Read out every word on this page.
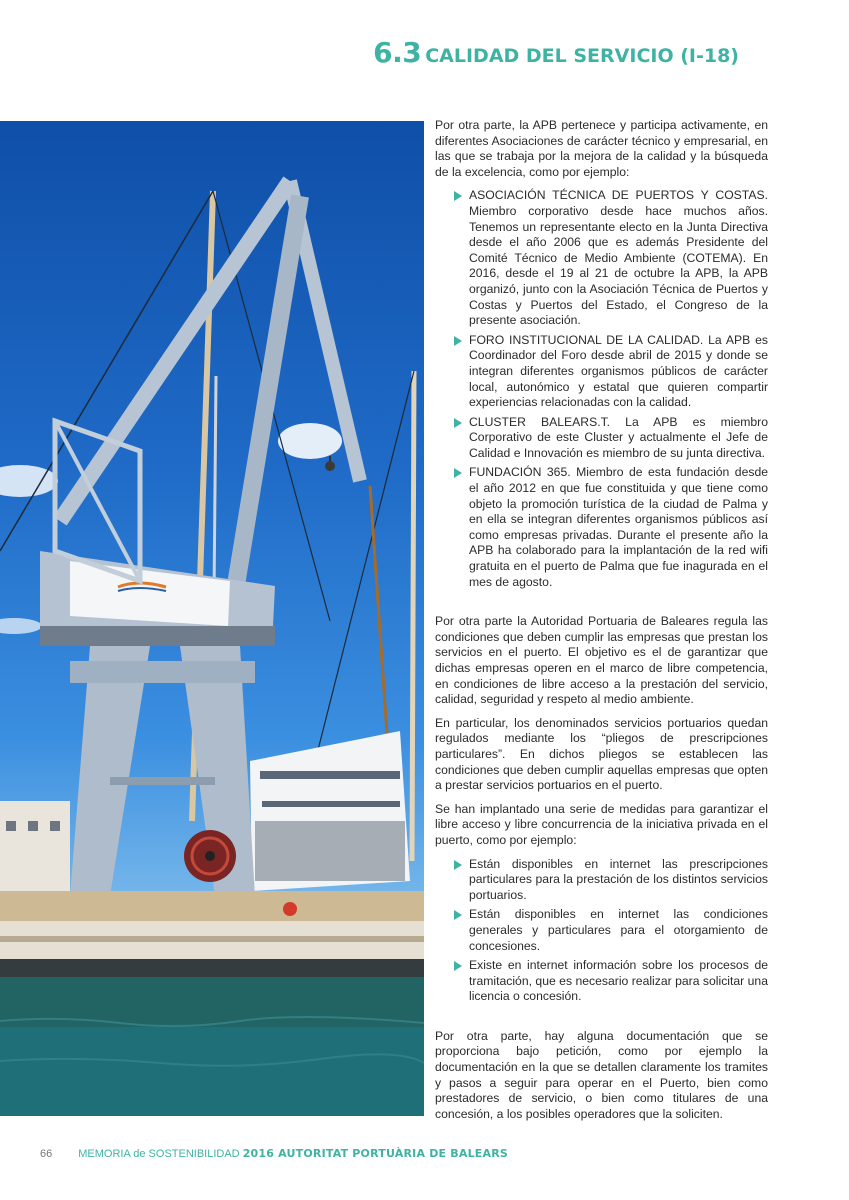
6.3 CALIDAD DEL SERVICIO (I-18)

Por otra parte, la APB pertenece y participa activamente, en diferentes Asociaciones de carácter técnico y empresarial, en las que se trabaja por la mejora de la calidad y la búsqueda de la excelencia, como por ejemplo:

ASOCIACIÓN TÉCNICA DE PUERTOS Y COSTAS. Miembro corporativo desde hace muchos años. Tenemos un representante electo en la Junta Directiva desde el año 2006 que es además Presidente del Comité Técnico de Medio Ambiente (COTEMA). En 2016, desde el 19 al 21 de octubre la APB, la APB organizó, junto con la Asociación Técnica de Puertos y Costas y Puertos del Estado, el Congreso de la presente asociación.
FORO INSTITUCIONAL DE LA CALIDAD. La APB es Coordinador del Foro desde abril de 2015 y donde se integran diferentes organismos públicos de carácter local, autonómico y estatal que quieren compartir experiencias relacionadas con la calidad.
CLUSTER BALEARS.T. La APB es miembro Corporativo de este Cluster y actualmente el Jefe de Calidad e Innovación es miembro de su junta directiva.
FUNDACIÓN 365. Miembro de esta fundación desde el año 2012 en que fue constituida y que tiene como objeto la promoción turística de la ciudad de Palma y en ella se integran diferentes organismos públicos así como empresas privadas. Durante el presente año la APB ha colaborado para la implantación de la red wifi gratuita en el puerto de Palma que fue inagurada en el mes de agosto.

Por otra parte la Autoridad Portuaria de Baleares regula las condiciones que deben cumplir las empresas que prestan los servicios en el puerto. El objetivo es el de garantizar que dichas empresas operen en el marco de libre competencia, en condiciones de libre acceso a la prestación del servicio, calidad, seguridad y respeto al medio ambiente.

En particular, los denominados servicios portuarios quedan regulados mediante los “pliegos de prescripciones particulares”. En dichos pliegos se establecen las condiciones que deben cumplir aquellas empresas que opten a prestar servicios portuarios en el puerto.

Se han implantado una serie de medidas para garantizar el libre acceso y libre concurrencia de la iniciativa privada en el puerto, como por ejemplo:

Están disponibles en internet las prescripciones particulares para la prestación de los distintos servicios portuarios.
Están disponibles en internet las condiciones generales y particulares para el otorgamiento de concesiones.
Existe en internet información sobre los procesos de tramitación, que es necesario realizar para solicitar una licencia o concesión.

Por otra parte, hay alguna documentación que se proporciona bajo petición, como por ejemplo la documentación en la que se detallen claramente los tramites y pasos a seguir para operar en el Puerto, bien como prestadores de servicio, o bien como titulares de una concesión, a los posibles operadores que la soliciten.

66 MEMORIA de SOSTENIBILIDAD 2016 AUTORITAT PORTUÀRIA DE BALEARS
